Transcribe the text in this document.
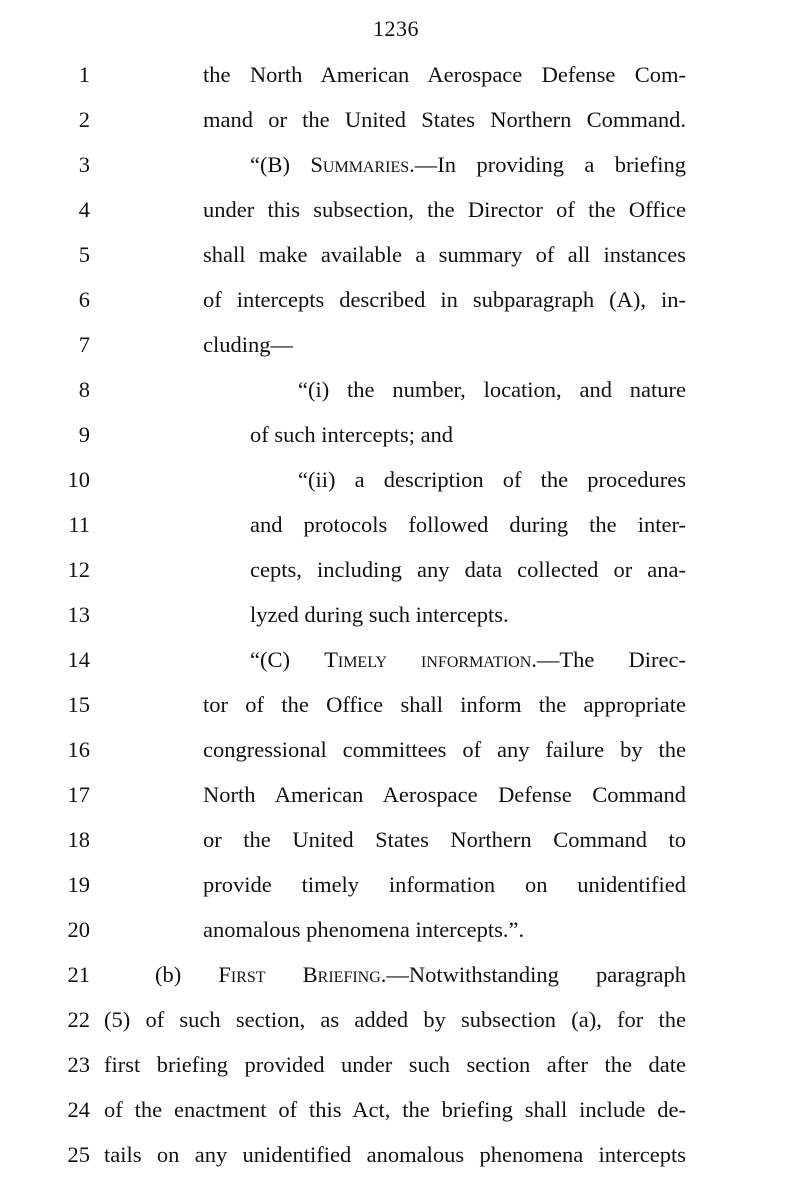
1236
1	the North American Aerospace Defense Com-
2	mand or the United States Northern Command.
3	“(B) Summaries.—In providing a briefing
4	under this subsection, the Director of the Office
5	shall make available a summary of all instances
6	of intercepts described in subparagraph (A), in-
7	cluding—
8	“(i) the number, location, and nature
9	of such intercepts; and
10	“(ii) a description of the procedures
11	and protocols followed during the inter-
12	cepts, including any data collected or ana-
13	lyzed during such intercepts.
14	“(C) Timely information.—The Direc-
15	tor of the Office shall inform the appropriate
16	congressional committees of any failure by the
17	North American Aerospace Defense Command
18	or the United States Northern Command to
19	provide timely information on unidentified
20	anomalous phenomena intercepts.”.
21	(b) First Briefing.—Notwithstanding paragraph
22 (5) of such section, as added by subsection (a), for the
23 first briefing provided under such section after the date
24 of the enactment of this Act, the briefing shall include de-
25 tails on any unidentified anomalous phenomena intercepts
